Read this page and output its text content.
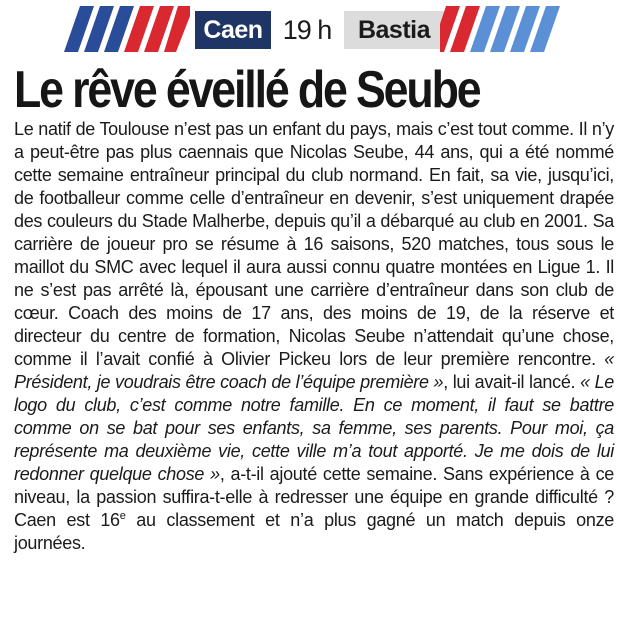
Caen 19 h	Bastia
Le rêve éveillé de Seube

Le natif de Toulouse n’est pas un enfant du pays, mais c’est tout comme. Il n’y a peut-être pas plus caennais que Nicolas Seube, 44 ans, qui a été nommé cette semaine entraîneur principal du club normand. En fait, sa vie, jusqu’ici, de footballeur comme celle d’entraîneur en devenir, s’est uniquement drapée des couleurs du Stade Malherbe, depuis qu’il a débarqué au club en 2001. Sa carrière de joueur pro se résume à 16 saisons, 520 matches, tous sous le maillot du SMC avec lequel il aura aussi connu quatre montées en Ligue 1. Il ne s’est pas arrêté là, épousant une carrière d’entraîneur dans son club de cœur. Coach des moins de 17 ans, des moins de 19, de la réserve et directeur du centre de formation, Nicolas Seube n’attendait qu’une chose, comme il l’avait confié à Olivier Pickeu lors de leur première rencontre. « Président, je voudrais être coach de l’équipe première », lui avait-il lancé. « Le logo du club, c’est comme notre famille. En ce moment, il faut se battre comme on se bat pour ses enfants, sa femme, ses parents. Pour moi, ça représente ma deuxième vie, cette ville m’a tout apporté. Je me dois de lui redonner quelque chose », a-t-il ajouté cette semaine. Sans expérience à ce niveau, la passion suffira-t-elle à redresser une équipe en grande difficulté ? Caen est 16e au classement et n’a plus gagné un match depuis onze journées.
